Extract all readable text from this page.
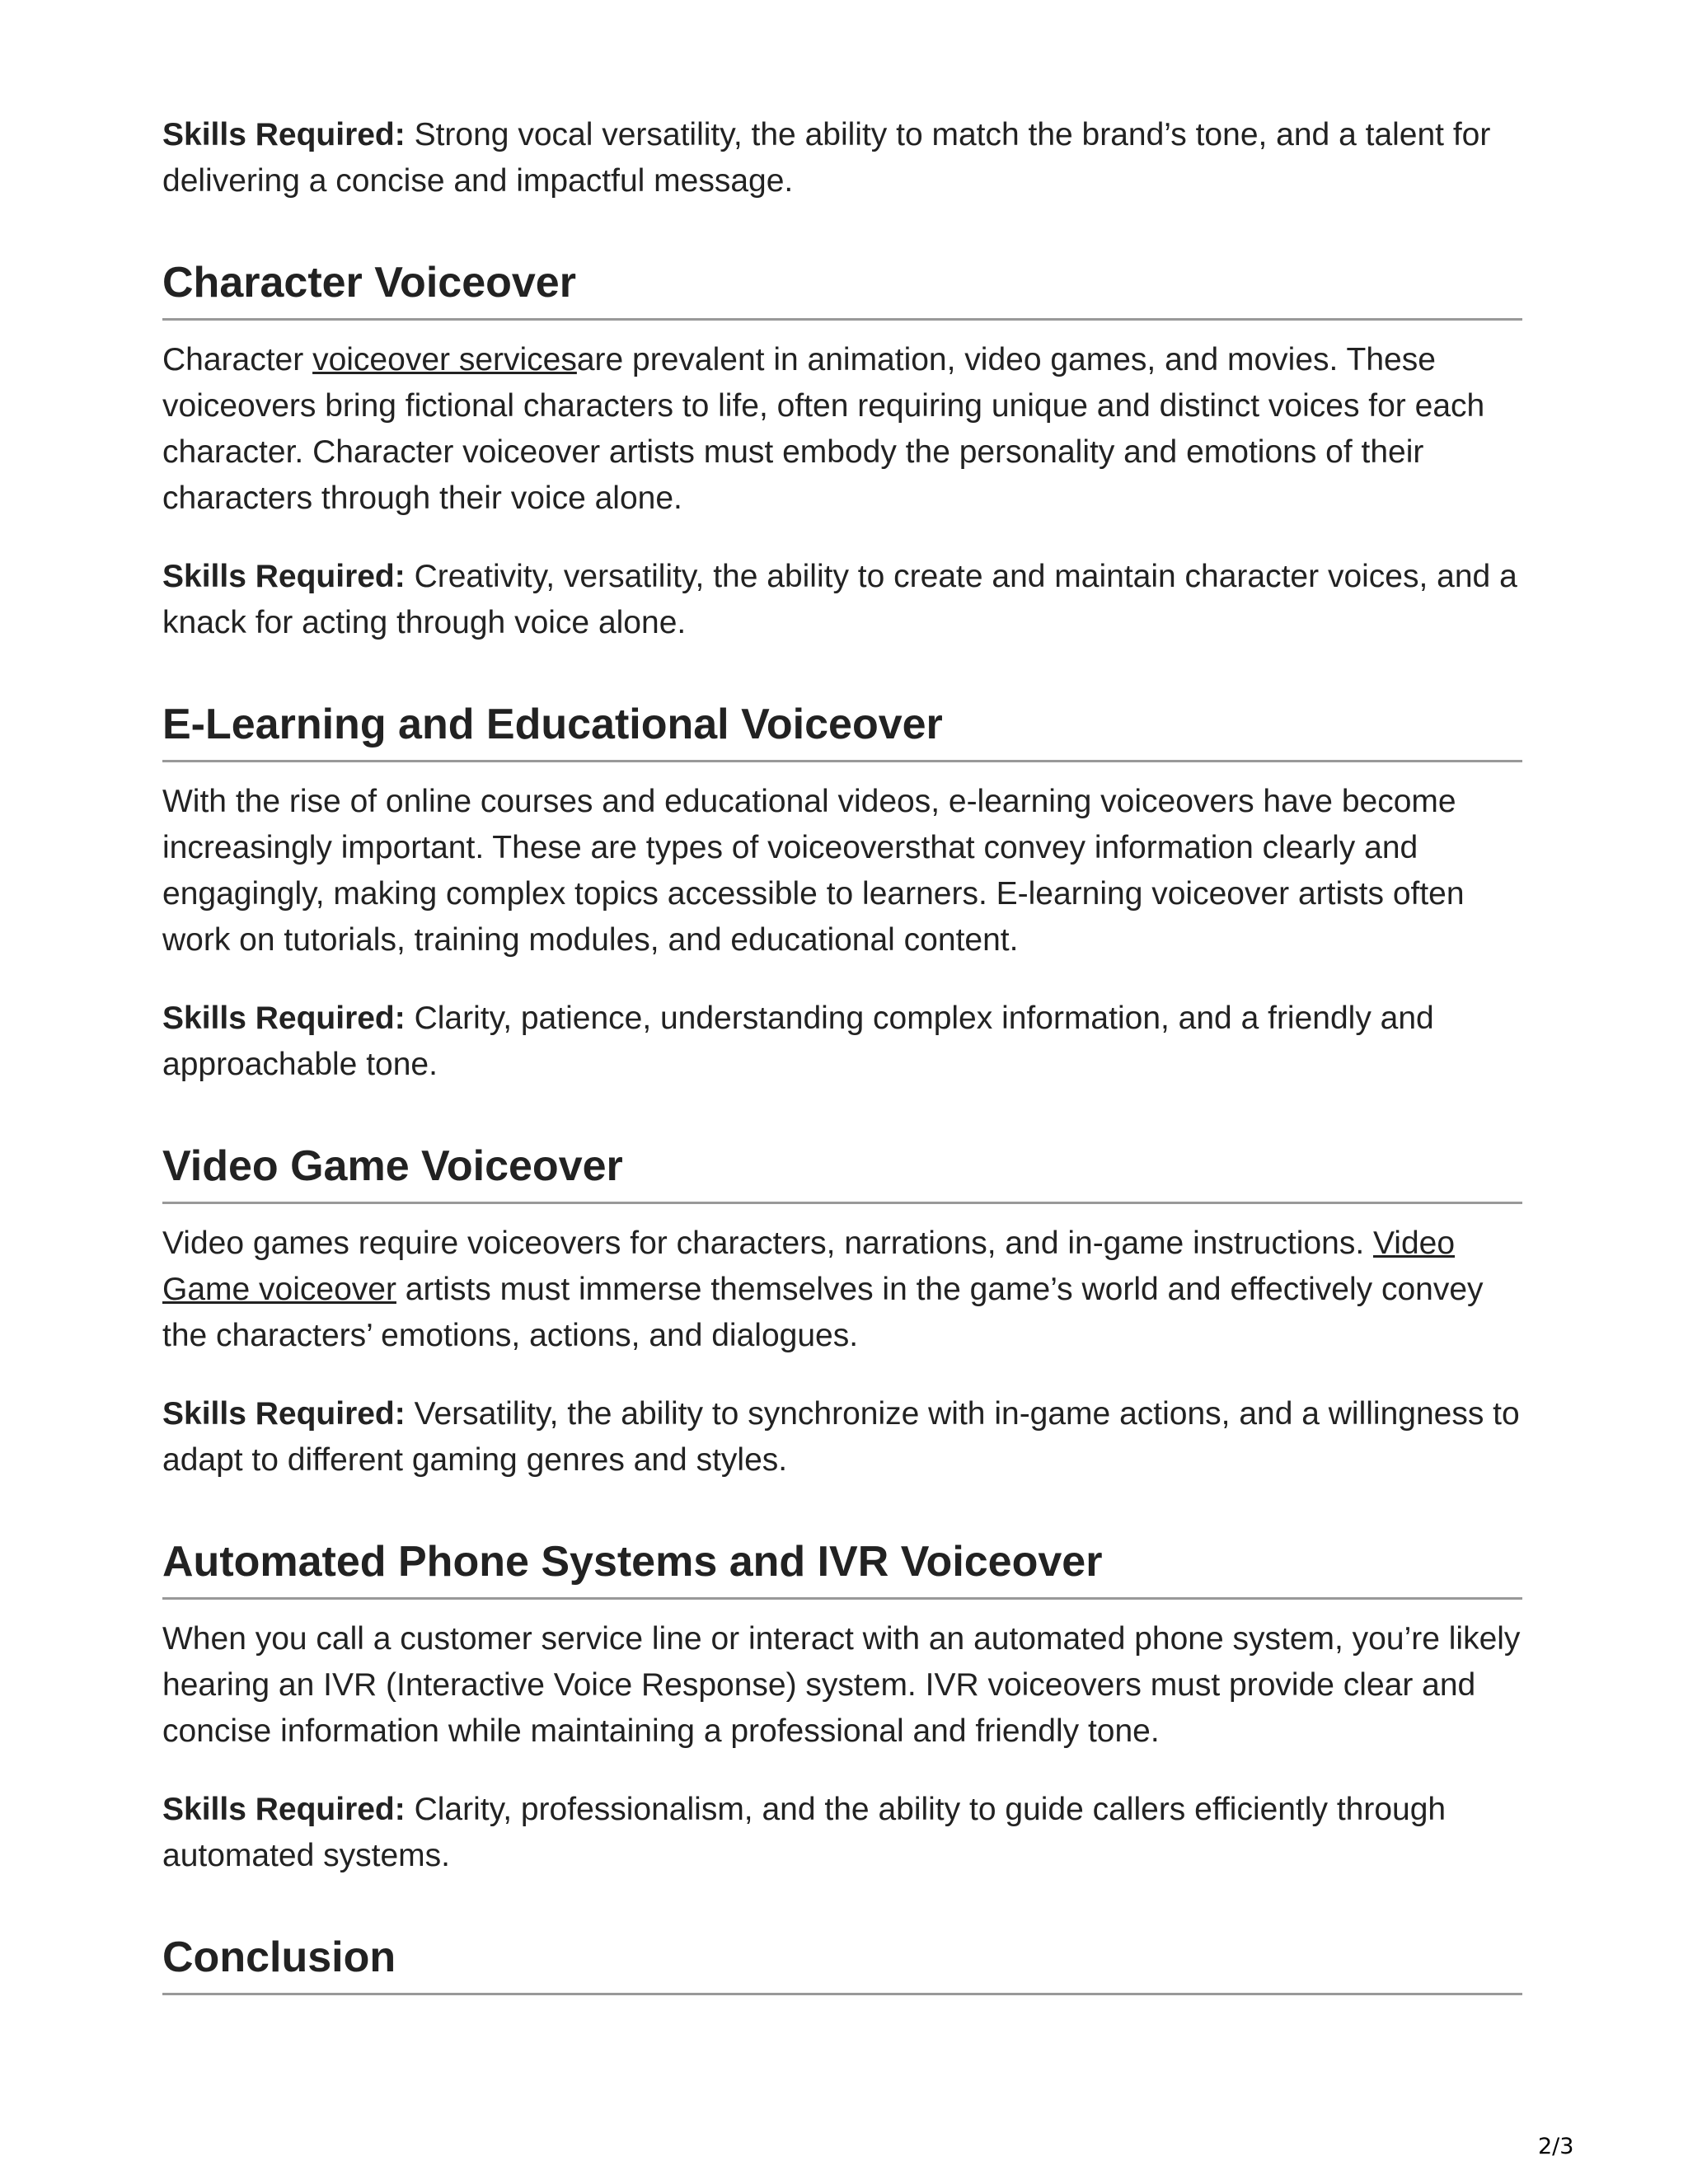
Skills Required: Strong vocal versatility, the ability to match the brand’s tone, and a talent for delivering a concise and impactful message.

Character Voiceover

Character voiceover servicesare prevalent in animation, video games, and movies. These voiceovers bring fictional characters to life, often requiring unique and distinct voices for each character. Character voiceover artists must embody the personality and emotions of their characters through their voice alone.

Skills Required: Creativity, versatility, the ability to create and maintain character voices, and a knack for acting through voice alone.

E-Learning and Educational Voiceover

With the rise of online courses and educational videos, e-learning voiceovers have become increasingly important. These are types of voiceoversthat convey information clearly and engagingly, making complex topics accessible to learners. E-learning voiceover artists often work on tutorials, training modules, and educational content.

Skills Required: Clarity, patience, understanding complex information, and a friendly and approachable tone.

Video Game Voiceover

Video games require voiceovers for characters, narrations, and in-game instructions. Video Game voiceover artists must immerse themselves in the game’s world and effectively convey the characters’ emotions, actions, and dialogues.

Skills Required: Versatility, the ability to synchronize with in-game actions, and a willingness to adapt to different gaming genres and styles.

Automated Phone Systems and IVR Voiceover

When you call a customer service line or interact with an automated phone system, you’re likely hearing an IVR (Interactive Voice Response) system. IVR voiceovers must provide clear and concise information while maintaining a professional and friendly tone.

Skills Required: Clarity, professionalism, and the ability to guide callers efficiently through automated systems.

Conclusion
2/3
